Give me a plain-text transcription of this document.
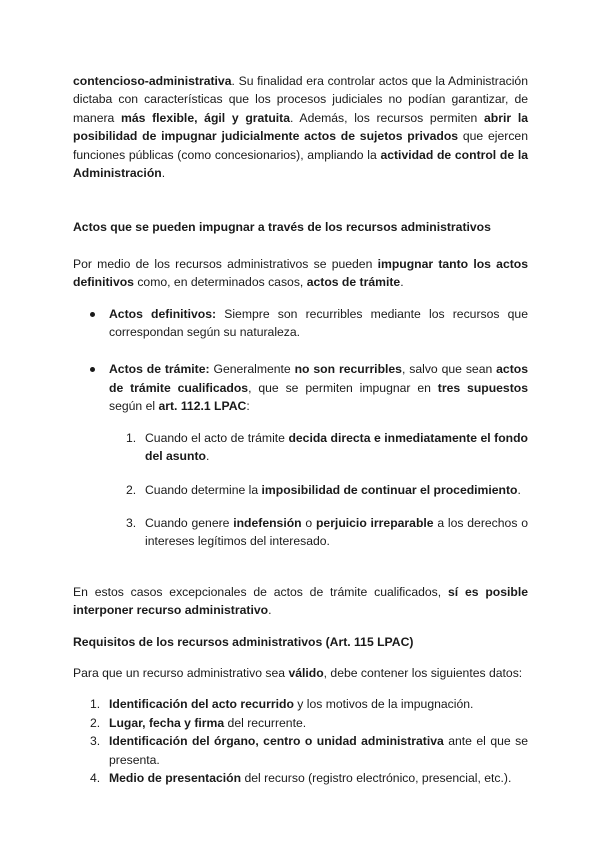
contencioso-administrativa. Su finalidad era controlar actos que la Administración dictaba con características que los procesos judiciales no podían garantizar, de manera más flexible, ágil y gratuita. Además, los recursos permiten abrir la posibilidad de impugnar judicialmente actos de sujetos privados que ejercen funciones públicas (como concesionarios), ampliando la actividad de control de la Administración.

Actos que se pueden impugnar a través de los recursos administrativos

Por medio de los recursos administrativos se pueden impugnar tanto los actos definitivos como, en determinados casos, actos de trámite.

Actos definitivos: Siempre son recurribles mediante los recursos que correspondan según su naturaleza.
Actos de trámite: Generalmente no son recurribles, salvo que sean actos de trámite cualificados, que se permiten impugnar en tres supuestos según el art. 112.1 LPAC:
1. Cuando el acto de trámite decida directa e inmediatamente el fondo del asunto.
2. Cuando determine la imposibilidad de continuar el procedimiento.
3. Cuando genere indefensión o perjuicio irreparable a los derechos o intereses legítimos del interesado.

En estos casos excepcionales de actos de trámite cualificados, sí es posible interponer recurso administrativo.

Requisitos de los recursos administrativos (Art. 115 LPAC)

Para que un recurso administrativo sea válido, debe contener los siguientes datos:

1. Identificación del acto recurrido y los motivos de la impugnación.
2. Lugar, fecha y firma del recurrente.
3. Identificación del órgano, centro o unidad administrativa ante el que se presenta.
4. Medio de presentación del recurso (registro electrónico, presencial, etc.).
